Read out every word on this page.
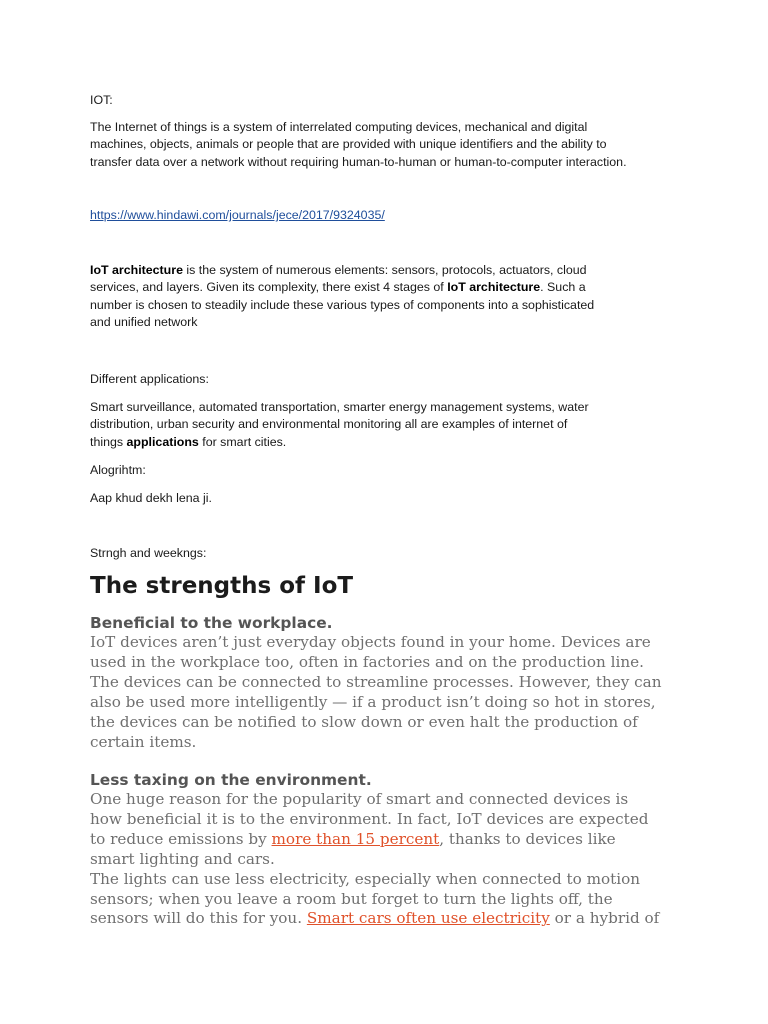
IOT:

The Internet of things is a system of interrelated computing devices, mechanical and digital
machines, objects, animals or people that are provided with unique identifiers and the ability to
transfer data over a network without requiring human-to-human or human-to-computer interaction.

https://www.hindawi.com/journals/jece/2017/9324035/

IoT architecture is the system of numerous elements: sensors, protocols, actuators, cloud
services, and layers. Given its complexity, there exist 4 stages of IoT architecture. Such a
number is chosen to steadily include these various types of components into a sophisticated
and unified network

Different applications:

Smart surveillance, automated transportation, smarter energy management systems, water
distribution, urban security and environmental monitoring all are examples of internet of
things applications for smart cities.

Alogrihtm:

Aap khud dekh lena ji.

Strngh and weekngs:

The strengths of IoT
Beneficial to the workplace.

IoT devices aren’t just everyday objects found in your home. Devices are
used in the workplace too, often in factories and on the production line.
The devices can be connected to streamline processes. However, they can
also be used more intelligently — if a product isn’t doing so hot in stores,
the devices can be notified to slow down or even halt the production of
certain items.

Less taxing on the environment.

One huge reason for the popularity of smart and connected devices is
how beneficial it is to the environment. In fact, IoT devices are expected
to reduce emissions by more than 15 percent, thanks to devices like
smart lighting and cars.
The lights can use less electricity, especially when connected to motion
sensors; when you leave a room but forget to turn the lights off, the
sensors will do this for you. Smart cars often use electricity or a hybrid of
